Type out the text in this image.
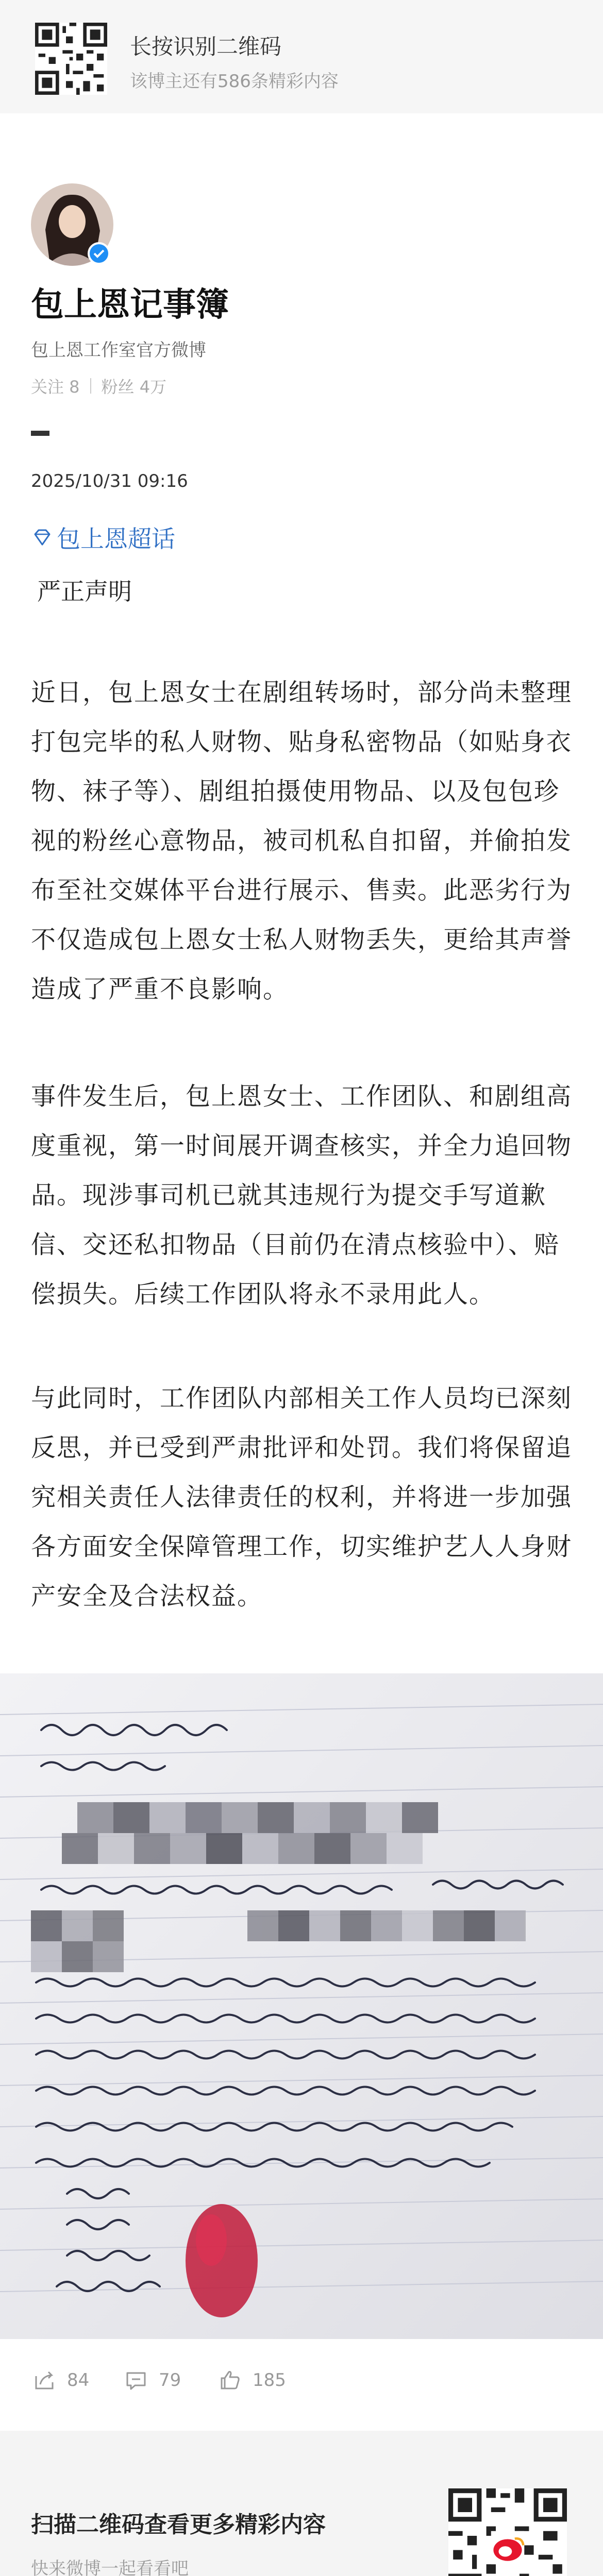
长按识别二维码
该博主还有586条精彩内容
包上恩记事簿
包上恩工作室官方微博
关注 8 粉丝 4万
2025/10/31 09:16
包上恩超话
严正声明
近日，包上恩女士在剧组转场时，部分尚未整理打包完毕的私人财物、贴身私密物品（如贴身衣物、袜子等）、剧组拍摄使用物品、以及包包珍视的粉丝心意物品，被司机私自扣留，并偷拍发布至社交媒体平台进行展示、售卖。此恶劣行为不仅造成包上恩女士私人财物丢失，更给其声誉造成了严重不良影响。
事件发生后，包上恩女士、工作团队、和剧组高度重视，第一时间展开调查核实，并全力追回物品。现涉事司机已就其违规行为提交手写道歉信、交还私扣物品（目前仍在清点核验中）、赔偿损失。后续工作团队将永不录用此人。
与此同时，工作团队内部相关工作人员均已深刻反思，并已受到严肃批评和处罚。我们将保留追究相关责任人法律责任的权利，并将进一步加强各方面安全保障管理工作，切实维护艺人人身财产安全及合法权益。
84	79	185
扫描二维码查看更多精彩内容
快来微博一起看看吧
